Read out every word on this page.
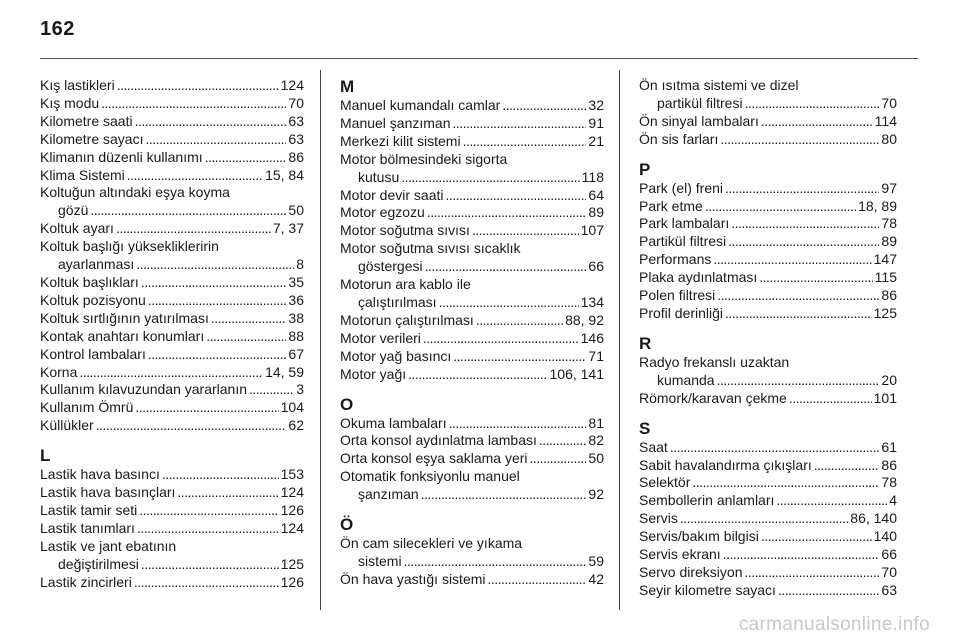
162
Kış lastikleri . . .	124
Kış modu . . .	70
Kilometre saati . . .	63
Kilometre sayacı . . .	63
Klimanın düzenli kullanımı . . .	86
Klima Sistemi . . .	15, 84
Koltuğun altındaki eşya koyma
gözü . . .	50
Koltuk ayarı . . .	7, 37
Koltuk başlığı yükseklikleririn
ayarlanması . . .	8
Koltuk başlıkları . . .	35
Koltuk pozisyonu . . .	36
Koltuk sırtlığının yatırılması . . .	38
Kontak anahtarı konumları . . .	88
Kontrol lambaları . . .	67
Korna . . .	14, 59
Kullanım kılavuzundan yararlanın . . .	3
Kullanım Ömrü . . .	104
Küllükler . . .	62
L
Lastik hava basıncı . . .	153
Lastik hava basınçları . . .	124
Lastik tamir seti . . .	126
Lastik tanımları . . .	124
Lastik ve jant ebatının
değiştirilmesi . . .	125
Lastik zincirleri . . .	126
M
Manuel kumandalı camlar . . .	32
Manuel şanzıman . . .	91
Merkezi kilit sistemi . . .	21
Motor bölmesindeki sigorta
kutusu . . .	118
Motor devir saati . . .	64
Motor egzozu . . .	89
Motor soğutma sıvısı . . .	107
Motor soğutma sıvısı sıcaklık
göstergesi . . .	66
Motorun ara kablo ile
çalıştırılması . . .	134
Motorun çalıştırılması . . .	88, 92
Motor verileri . . .	146
Motor yağ basıncı . . .	71
Motor yağı . . .	106, 141
O
Okuma lambaları . . .	81
Orta konsol aydınlatma lambası . . .	82
Orta konsol eşya saklama yeri . . .	50
Otomatik fonksiyonlu manuel
şanzıman . . .	92
Ö
Ön cam silecekleri ve yıkama
sistemi . . .	59
Ön hava yastığı sistemi . . .	42
Ön ısıtma sistemi ve dizel
partikül filtresi . . .	70
Ön sinyal lambaları . . .	114
Ön sis farları . . .	80
P
Park (el) freni . . .	97
Park etme . . .	18, 89
Park lambaları . . .	78
Partikül filtresi . . .	89
Performans . . .	147
Plaka aydınlatması . . .	115
Polen filtresi . . .	86
Profil derinliği . . .	125
R
Radyo frekanslı uzaktan
kumanda . . .	20
Römork/karavan çekme . . .	101
S
Saat . . .	61
Sabit havalandırma çıkışları . . .	86
Selektör . . .	78
Sembollerin anlamları . . .	4
Servis . . .	86, 140
Servis/bakım bilgisi . . .	140
Servis ekranı . . .	66
Servo direksiyon . . .	70
Seyir kilometre sayacı . . .	63
carmanualsonline.info
